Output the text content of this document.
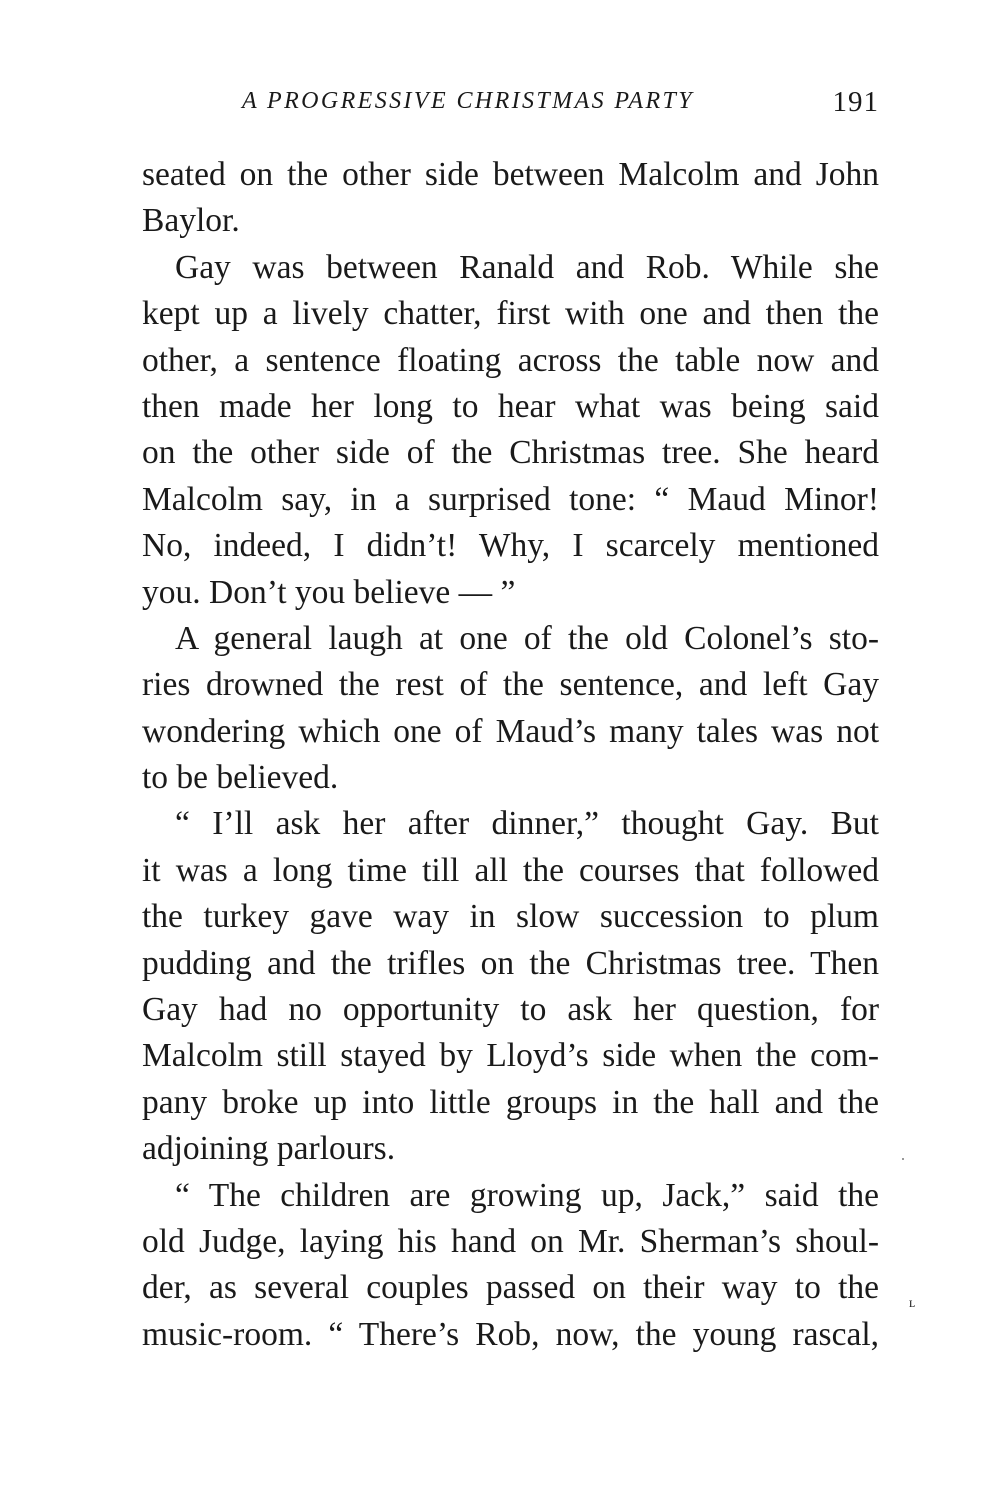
A PROGRESSIVE CHRISTMAS PARTY	191
seated on the other side between Malcolm and John
Baylor.
Gay was between Ranald and Rob. While she
kept up a lively chatter, first with one and then the
other, a sentence floating across the table now and
then made her long to hear what was being said
on the other side of the Christmas tree. She heard
Malcolm say, in a surprised tone: “ Maud Minor!
No, indeed, I didn’t! Why, I scarcely mentioned
you. Don’t you believe — ”
A general laugh at one of the old Colonel’s sto-
ries drowned the rest of the sentence, and left Gay
wondering which one of Maud’s many tales was not
to be believed.
“ I’ll ask her after dinner,” thought Gay. But
it was a long time till all the courses that followed
the turkey gave way in slow succession to plum
pudding and the trifles on the Christmas tree. Then
Gay had no opportunity to ask her question, for
Malcolm still stayed by Lloyd’s side when the com-
pany broke up into little groups in the hall and the
adjoining parlours.
“ The children are growing up, Jack,” said the
old Judge, laying his hand on Mr. Sherman’s shoul-
der, as several couples passed on their way to the
music-room. “ There’s Rob, now, the young rascal,
ʟ
